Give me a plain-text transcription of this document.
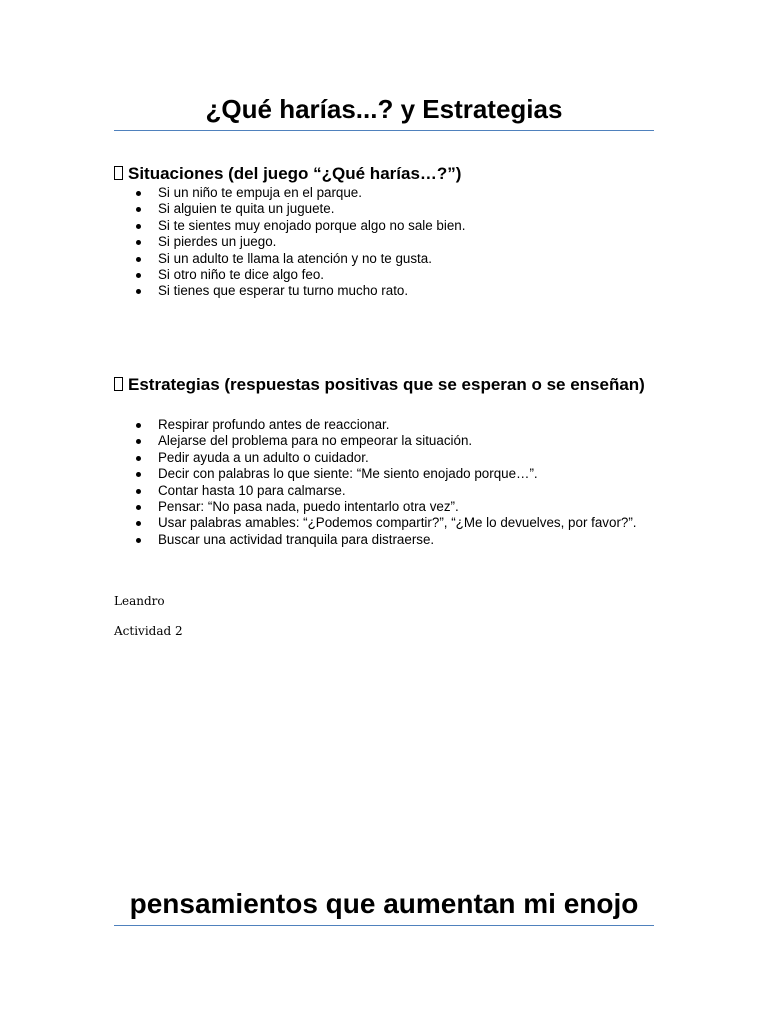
¿Qué harías...? y Estrategias
Situaciones (del juego “¿Qué harías…?”)
Si un niño te empuja en el parque.
Si alguien te quita un juguete.
Si te sientes muy enojado porque algo no sale bien.
Si pierdes un juego.
Si un adulto te llama la atención y no te gusta.
Si otro niño te dice algo feo.
Si tienes que esperar tu turno mucho rato.
Estrategias (respuestas positivas que se esperan o se enseñan)
Respirar profundo antes de reaccionar.
Alejarse del problema para no empeorar la situación.
Pedir ayuda a un adulto o cuidador.
Decir con palabras lo que siente: “Me siento enojado porque…”.
Contar hasta 10 para calmarse.
Pensar: “No pasa nada, puedo intentarlo otra vez”.
Usar palabras amables: “¿Podemos compartir?”, “¿Me lo devuelves, por favor?”.
Buscar una actividad tranquila para distraerse.

Leandro

Actividad 2

pensamientos que aumentan mi enojo
